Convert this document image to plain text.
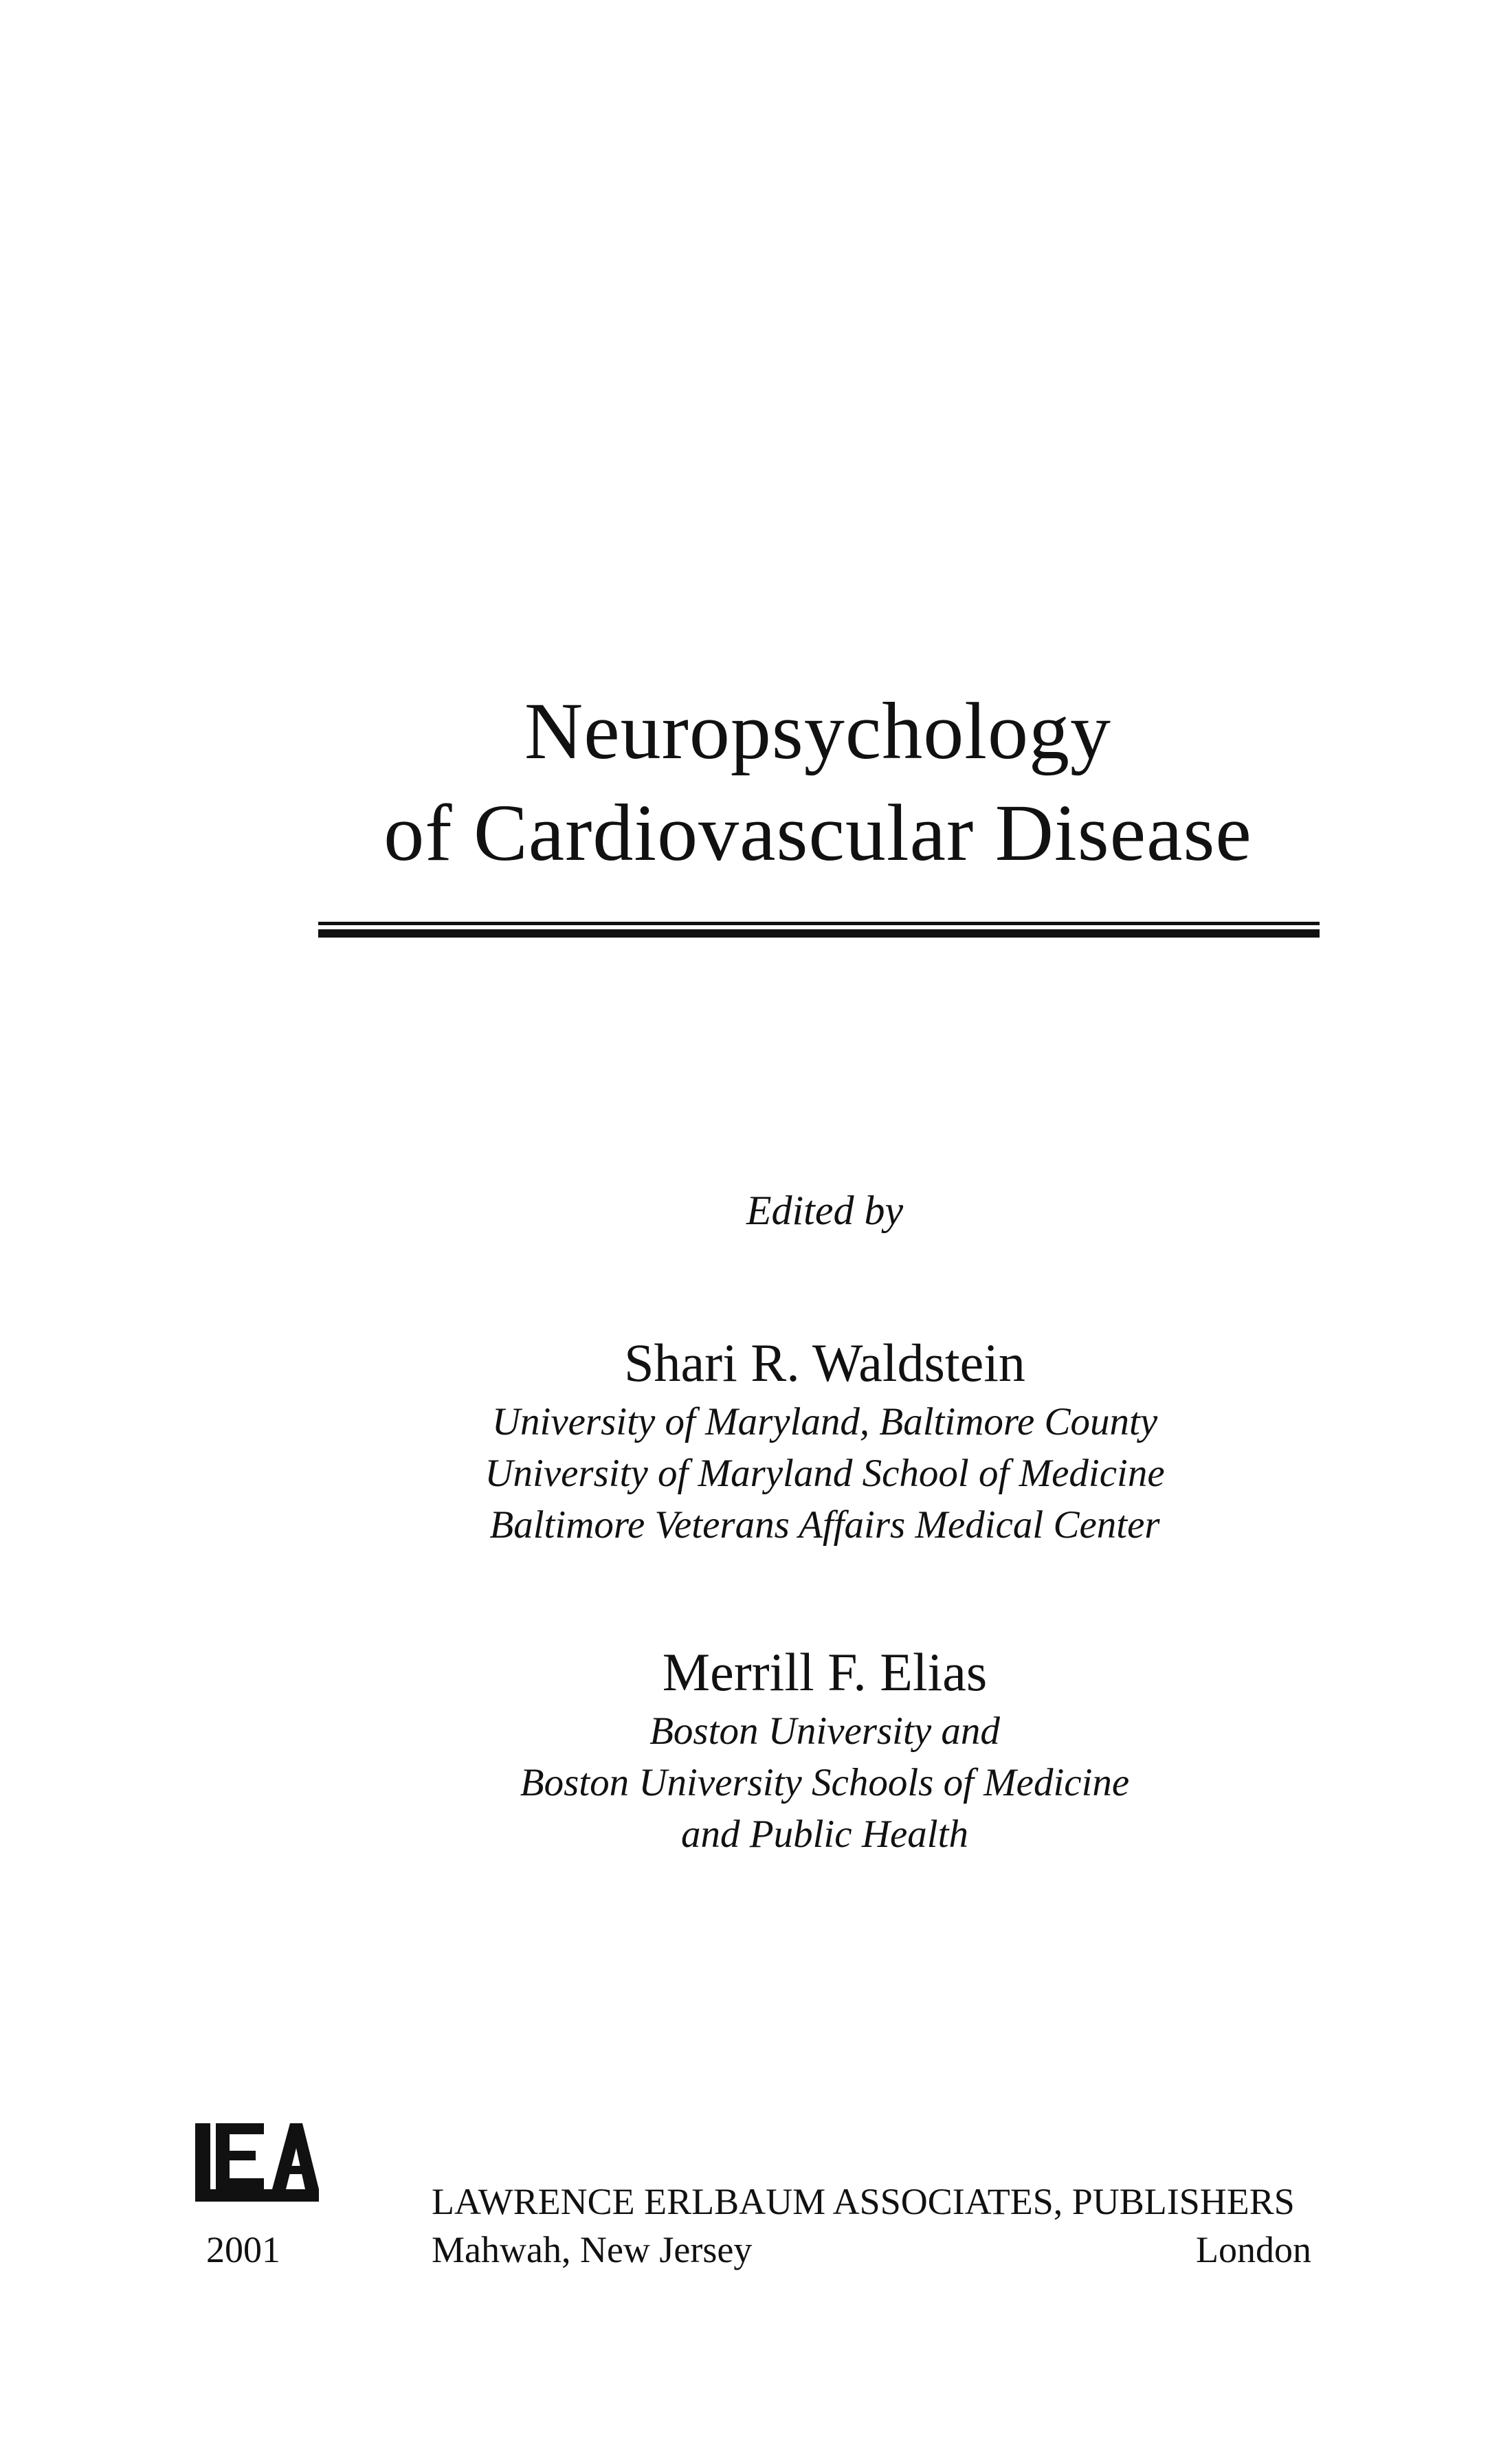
Neuropsychology
of Cardiovascular Disease
Edited by
Shari R. Waldstein
University of Maryland, Baltimore County
University of Maryland School of Medicine
Baltimore Veterans Affairs Medical Center
Merrill F. Elias
Boston University and
Boston University Schools of Medicine
and Public Health
2001
LAWRENCE ERLBAUM ASSOCIATES, PUBLISHERS
Mahwah, New Jersey	London
